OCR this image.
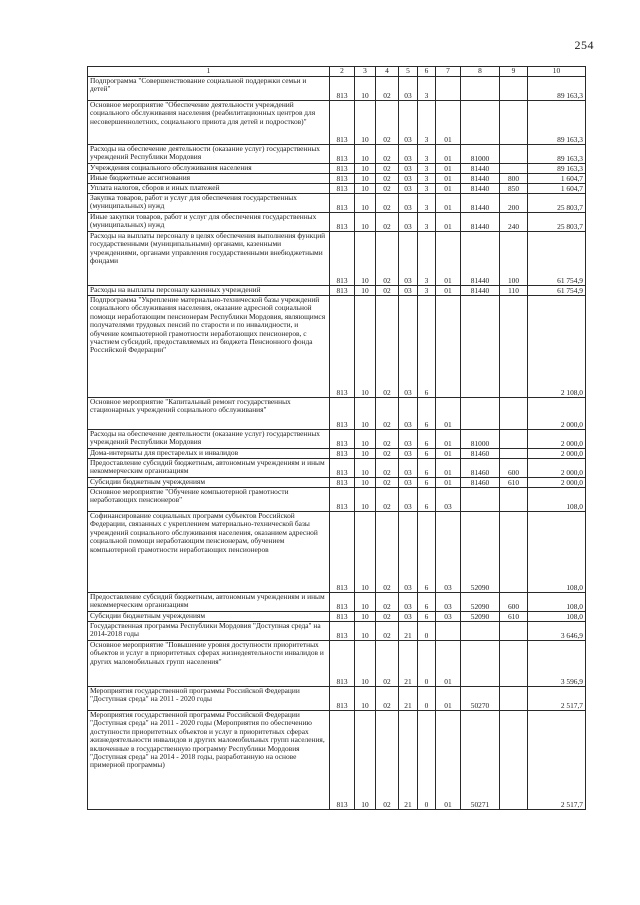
254
1	2	3	4	5	6	7	8	9	10
Подпрограмма "Совершенствование социальной поддержки семьи и детей"	813	10	02	03	3				89 163,3
Основное мероприятие "Обеспечение деятельности учреждений социального обслуживания населения (реабилитационных центров для несовершеннолетних, социального приюта для детей и подростков)"	813	10	02	03	3	01			89 163,3
Расходы на обеспечение деятельности (оказание услуг) государственных учреждений Республики Мордовия	813	10	02	03	3	01	81000		89 163,3
Учреждения социального обслуживания населения	813	10	02	03	3	01	81440		89 163,3
Иные бюджетные ассигнования	813	10	02	03	3	01	81440	800	1 604,7
Уплата налогов, сборов и иных платежей	813	10	02	03	3	01	81440	850	1 604,7
Закупка товаров, работ и услуг для обеспечения государственных (муниципальных) нужд	813	10	02	03	3	01	81440	200	25 803,7
Иные закупки товаров, работ и услуг для обеспечения государственных (муниципальных) нужд	813	10	02	03	3	01	81440	240	25 803,7
Расходы на выплаты персоналу в целях обеспечения выполнения функций государственными (муниципальными) органами, казенными учреждениями, органами управления государственными внебюджетными фондами	813	10	02	03	3	01	81440	100	61 754,9
Расходы на выплаты персоналу казенных учреждений	813	10	02	03	3	01	81440	110	61 754,9
Подпрограмма "Укрепление материально-технической базы учреждений социального обслуживания населения, оказание адресной социальной помощи неработающим пенсионерам Республики Мордовия, являющимся получателями трудовых пенсий по старости и по инвалидности, и обучение компьютерной грамотности неработающих пенсионеров, с участием субсидий, предоставляемых из бюджета Пенсионного фонда Российской Федерации"	813	10	02	03	6				2 108,0
Основное мероприятие "Капитальный ремонт государственных стационарных учреждений социального обслуживания"	813	10	02	03	6	01			2 000,0
Расходы на обеспечение деятельности (оказание услуг) государственных учреждений Республики Мордовия	813	10	02	03	6	01	81000		2 000,0
Дома-интернаты для престарелых и инвалидов	813	10	02	03	6	01	81460		2 000,0
Предоставление субсидий бюджетным, автономным учреждениям и иным некоммерческим организациям	813	10	02	03	6	01	81460	600	2 000,0
Субсидии бюджетным учреждениям	813	10	02	03	6	01	81460	610	2 000,0
Основное мероприятие "Обучение компьютерной грамотности неработающих пенсионеров"	813	10	02	03	6	03			108,0
Софинансирование социальных программ субъектов Российской Федерации, связанных с укреплением материально-технической базы учреждений социального обслуживания населения, оказанием адресной социальной помощи неработающим пенсионерам, обучением компьютерной грамотности неработающих пенсионеров	813	10	02	03	6	03	52090		108,0
Предоставление субсидий бюджетным, автономным учреждениям и иным некоммерческим организациям	813	10	02	03	6	03	52090	600	108,0
Субсидии бюджетным учреждениям	813	10	02	03	6	03	52090	610	108,0
Государственная программа Республики Мордовия "Доступная среда" на 2014-2018 годы	813	10	02	21	0				3 646,9
Основное мероприятие "Повышение уровня доступности приоритетных объектов и услуг в приоритетных сферах жизнедеятельности инвалидов и других маломобильных групп населения"	813	10	02	21	0	01			3 596,9
Мероприятия государственной программы Российской Федерации "Доступная среда" на 2011 - 2020 годы	813	10	02	21	0	01	50270		2 517,7
Мероприятия государственной программы Российской Федерации "Доступная среда" на 2011 - 2020 годы (Мероприятия по обеспечению доступности приоритетных объектов и услуг в приоритетных сферах жизнедеятельности инвалидов и других маломобильных групп населения, включенные в государственную программу Республики Мордовия "Доступная среда" на 2014 - 2018 годы, разработанную на основе примерной программы)	813	10	02	21	0	01	50271		2 517,7
